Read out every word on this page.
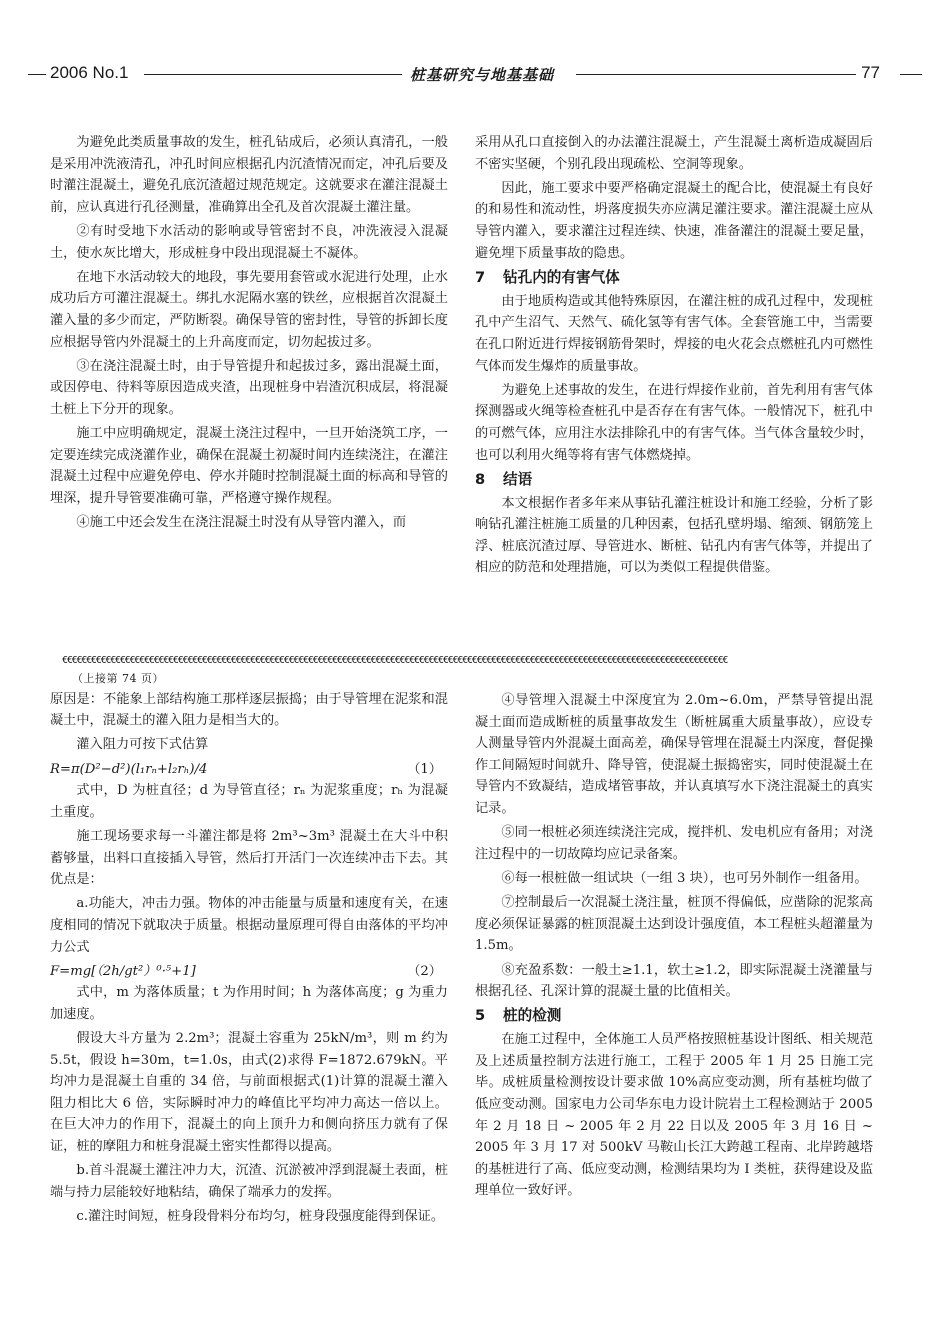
2006 No.1	桩基研究与地基基础	77

为避免此类质量事故的发生，桩孔钻成后，必须认真清孔，一般是采用冲洗液清孔，冲孔时间应根据孔内沉渣情况而定，冲孔后要及时灌注混凝土，避免孔底沉渣超过规范规定。这就要求在灌注混凝土前，应认真进行孔径测量，准确算出全孔及首次混凝土灌注量。

②有时受地下水活动的影响或导管密封不良，冲洗液浸入混凝土，使水灰比增大，形成桩身中段出现混凝土不凝体。

在地下水活动较大的地段，事先要用套管或水泥进行处理，止水成功后方可灌注混凝土。绑扎水泥隔水塞的铁丝，应根据首次混凝土灌入量的多少而定，严防断裂。确保导管的密封性，导管的拆卸长度应根据导管内外混凝土的上升高度而定，切勿起拔过多。

③在浇注混凝土时，由于导管提升和起拔过多，露出混凝土面，或因停电、待料等原因造成夹渣，出现桩身中岩渣沉积成层，将混凝土桩上下分开的现象。

施工中应明确规定，混凝土浇注过程中，一旦开始浇筑工序，一定要连续完成浇灌作业，确保在混凝土初凝时间内连续浇注，在灌注混凝土过程中应避免停电、停水并随时控制混凝土面的标高和导管的埋深，提升导管要准确可靠，严格遵守操作规程。

④施工中还会发生在浇注混凝土时没有从导管内灌入，而

采用从孔口直接倒入的办法灌注混凝土，产生混凝土离析造成凝固后不密实坚硬，个别孔段出现疏松、空洞等现象。

因此，施工要求中要严格确定混凝土的配合比，使混凝土有良好的和易性和流动性，坍落度损失亦应满足灌注要求。灌注混凝土应从导管内灌入，要求灌注过程连续、快速，准备灌注的混凝土要足量，避免埋下质量事故的隐患。

7 钻孔内的有害气体

由于地质构造或其他特殊原因，在灌注桩的成孔过程中，发现桩孔中产生沼气、天然气、硫化氢等有害气体。全套管施工中，当需要在孔口附近进行焊接钢筋骨架时，焊接的电火花会点燃桩孔内可燃性气体而发生爆炸的质量事故。

为避免上述事故的发生，在进行焊接作业前，首先利用有害气体探测器或火绳等检查桩孔中是否存在有害气体。一般情况下，桩孔中的可燃气体，应用注水法排除孔中的有害气体。当气体含量较少时，也可以利用火绳等将有害气体燃烧掉。

8 结语

本文根据作者多年来从事钻孔灌注桩设计和施工经验，分析了影响钻孔灌注桩施工质量的几种因素，包括孔壁坍塌、缩颈、钢筋笼上浮、桩底沉渣过厚、导管进水、断桩、钻孔内有害气体等，并提出了相应的防范和处理措施，可以为类似工程提供借鉴。

€€€€€€€€€€€€€€€€€€€€€€€€€€€€€€€€€€€€€€€€€€€€€€€€€€€€€€€€€€€€€€€€€€€€€€€€€€€€€€€€€€€€€€€€€€€€€€€€€€€€€€€€€€€€€€€€€€€€€€€€€€€€€€€€€€€€€€€€€€

（上接第 74 页）

原因是：不能象上部结构施工那样逐层振捣；由于导管埋在泥浆和混凝土中，混凝土的灌入阻力是相当大的。

灌入阻力可按下式估算

R=π(D²−d²)(l₁rₙ+l₂rₕ)/4	（1）

式中，D 为桩直径；d 为导管直径；rₙ 为泥浆重度；rₕ 为混凝土重度。

施工现场要求每一斗灌注都是将 2m³~3m³ 混凝土在大斗中积蓄够量，出料口直接插入导管，然后打开活门一次连续冲击下去。其优点是：

a.功能大，冲击力强。物体的冲击能量与质量和速度有关，在速度相同的情况下就取决于质量。根据动量原理可得自由落体的平均冲力公式

F=mg[（2h/gt²）⁰·⁵+1]	（2）

式中，m 为落体质量；t 为作用时间；h 为落体高度；g 为重力加速度。

假设大斗方量为 2.2m³；混凝土容重为 25kN/m³，则 m 约为 5.5t，假设 h=30m，t=1.0s，由式(2)求得 F=1872.679kN。平均冲力是混凝土自重的 34 倍，与前面根据式(1)计算的混凝土灌入阻力相比大 6 倍，实际瞬时冲力的峰值比平均冲力高达一倍以上。在巨大冲力的作用下，混凝土的向上顶升力和侧向挤压力就有了保证，桩的摩阻力和桩身混凝土密实性都得以提高。

b.首斗混凝土灌注冲力大，沉渣、沉淤被冲浮到混凝土表面，桩端与持力层能较好地粘结，确保了端承力的发挥。

c.灌注时间短，桩身段骨料分布均匀，桩身段强度能得到保证。

④导管埋入混凝土中深度宜为 2.0m~6.0m，严禁导管提出混凝土面而造成断桩的质量事故发生（断桩属重大质量事故），应设专人测量导管内外混凝土面高差，确保导管埋在混凝土内深度，督促操作工间隔短时间就升、降导管，使混凝土振捣密实，同时使混凝土在导管内不致凝结，造成堵管事故，并认真填写水下浇注混凝土的真实记录。

⑤同一根桩必须连续浇注完成，搅拌机、发电机应有备用；对浇注过程中的一切故障均应记录备案。

⑥每一根桩做一组试块（一组 3 块），也可另外制作一组备用。

⑦控制最后一次混凝土浇注量，桩顶不得偏低，应凿除的泥浆高度必须保证暴露的桩顶混凝土达到设计强度值，本工程桩头超灌量为 1.5m。

⑧充盈系数：一般土≥1.1，软土≥1.2，即实际混凝土浇灌量与根据孔径、孔深计算的混凝土量的比值相关。

5 桩的检测

在施工过程中，全体施工人员严格按照桩基设计图纸、相关规范及上述质量控制方法进行施工，工程于 2005 年 1 月 25 日施工完毕。成桩质量检测按设计要求做 10%高应变动测，所有基桩均做了低应变动测。国家电力公司华东电力设计院岩土工程检测站于 2005 年 2 月 18 日 ~ 2005 年 2 月 22 日以及 2005 年 3 月 16 日 ~ 2005 年 3 月 17 对 500kV 马鞍山长江大跨越工程南、北岸跨越塔的基桩进行了高、低应变动测，检测结果均为 I 类桩，获得建设及监理单位一致好评。
